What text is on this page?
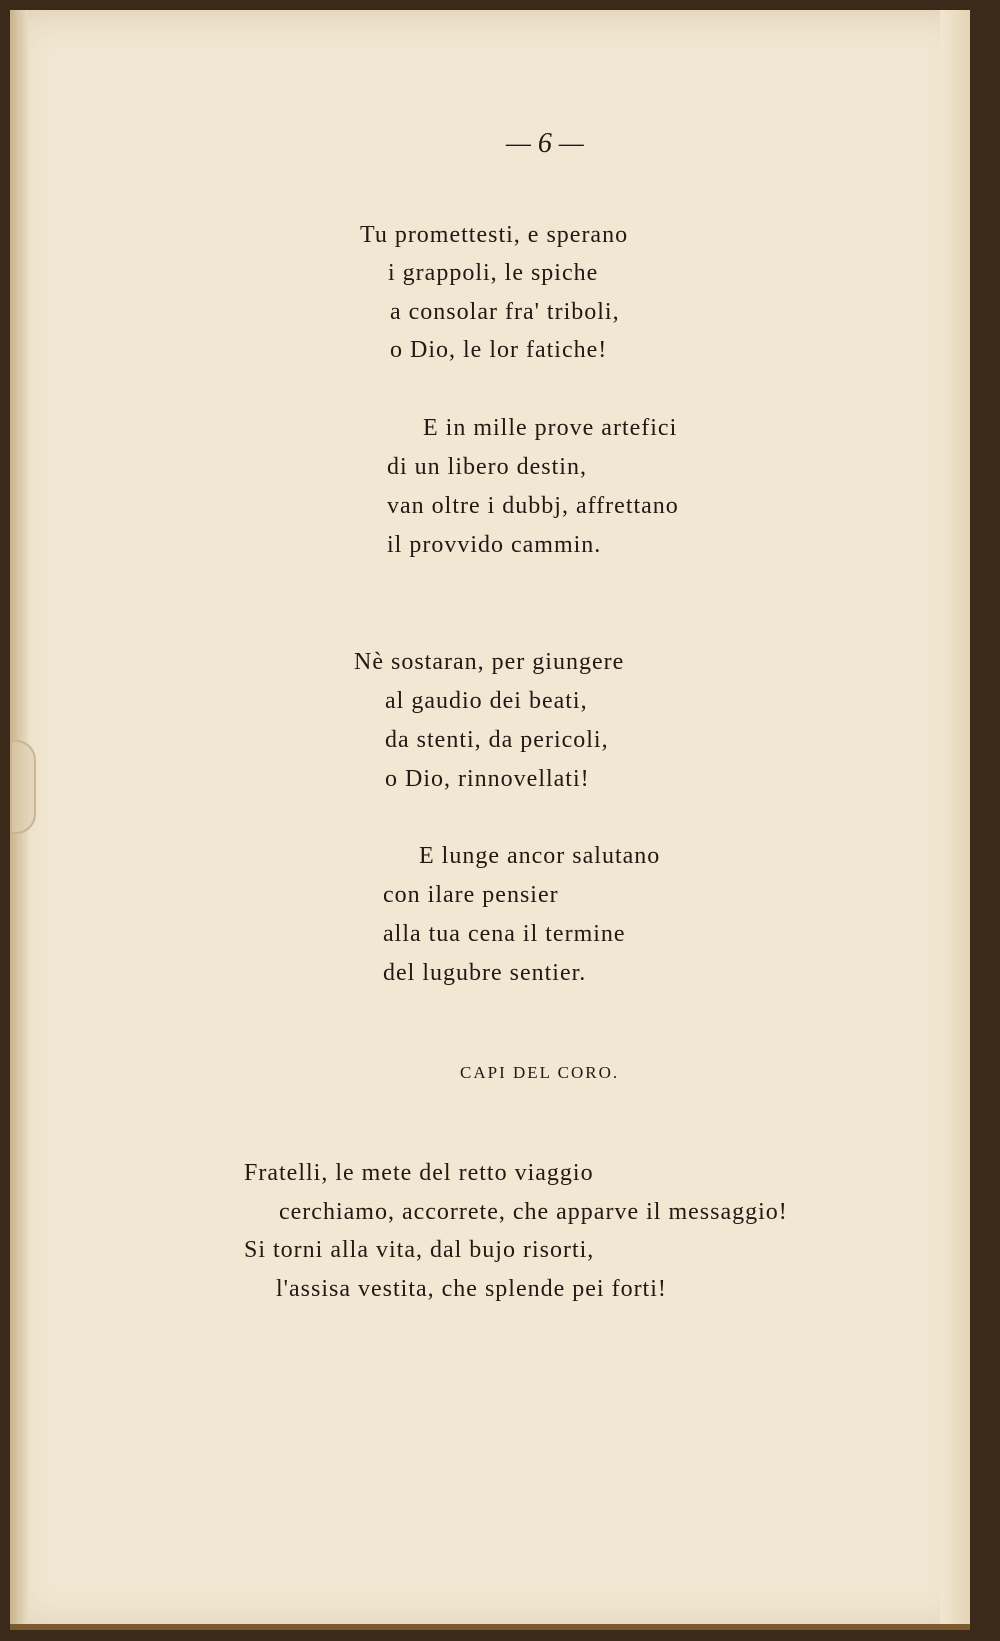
— 6 —
Tu promettesti, e sperano
i grappoli, le spiche
a consolar fra' triboli,
o Dio, le lor fatiche!
E in mille prove artefici
di un libero destin,
van oltre i dubbj, affrettano
il provvido cammin.
Nè sostaran, per giungere
al gaudio dei beati,
da stenti, da pericoli,
o Dio, rinnovellati!
E lunge ancor salutano
con ilare pensier
alla tua cena il termine
del lugubre sentier.
CAPI DEL CORO.
Fratelli, le mete del retto viaggio
cerchiamo, accorrete, che apparve il messaggio!
Si torni alla vita, dal bujo risorti,
l'assisa vestita, che splende pei forti!
